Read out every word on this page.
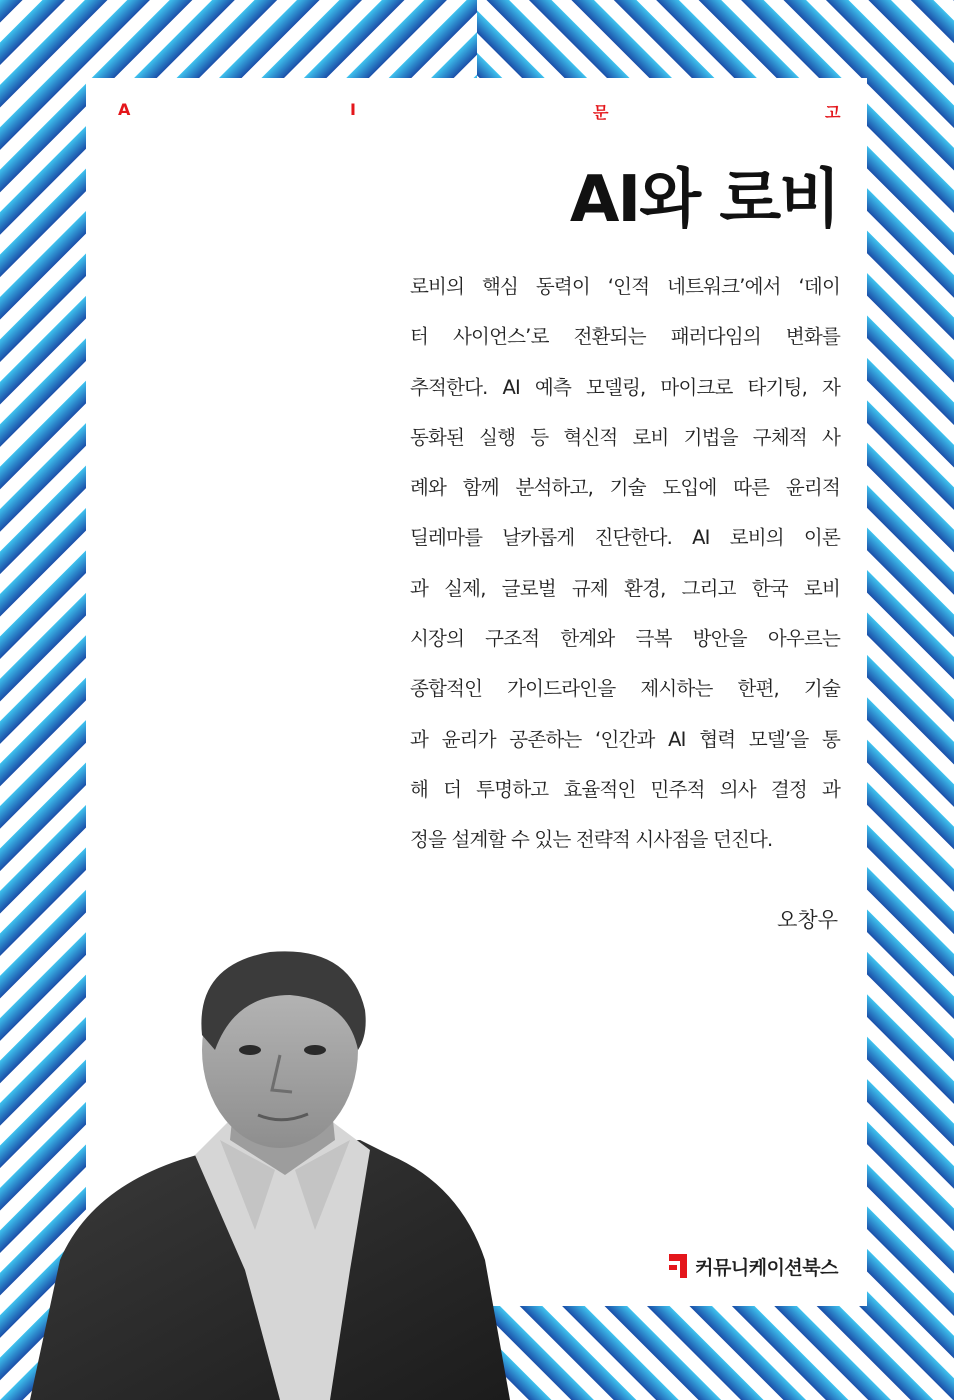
A	I	문	고
AI와 로비
로비의 핵심 동력이 ‘인적 네트워크’에서 ‘데이
터 사이언스’로 전환되는 패러다임의 변화를
추적한다. AI 예측 모델링, 마이크로 타기팅, 자
동화된 실행 등 혁신적 로비 기법을 구체적 사
례와 함께 분석하고, 기술 도입에 따른 윤리적
딜레마를 날카롭게 진단한다. AI 로비의 이론
과 실제, 글로벌 규제 환경, 그리고 한국 로비
시장의 구조적 한계와 극복 방안을 아우르는
종합적인 가이드라인을 제시하는 한편, 기술
과 윤리가 공존하는 ‘인간과 AI 협력 모델’을 통
해 더 투명하고 효율적인 민주적 의사 결정 과
정을 설계할 수 있는 전략적 시사점을 던진다.
오창우
커뮤니케이션북스
